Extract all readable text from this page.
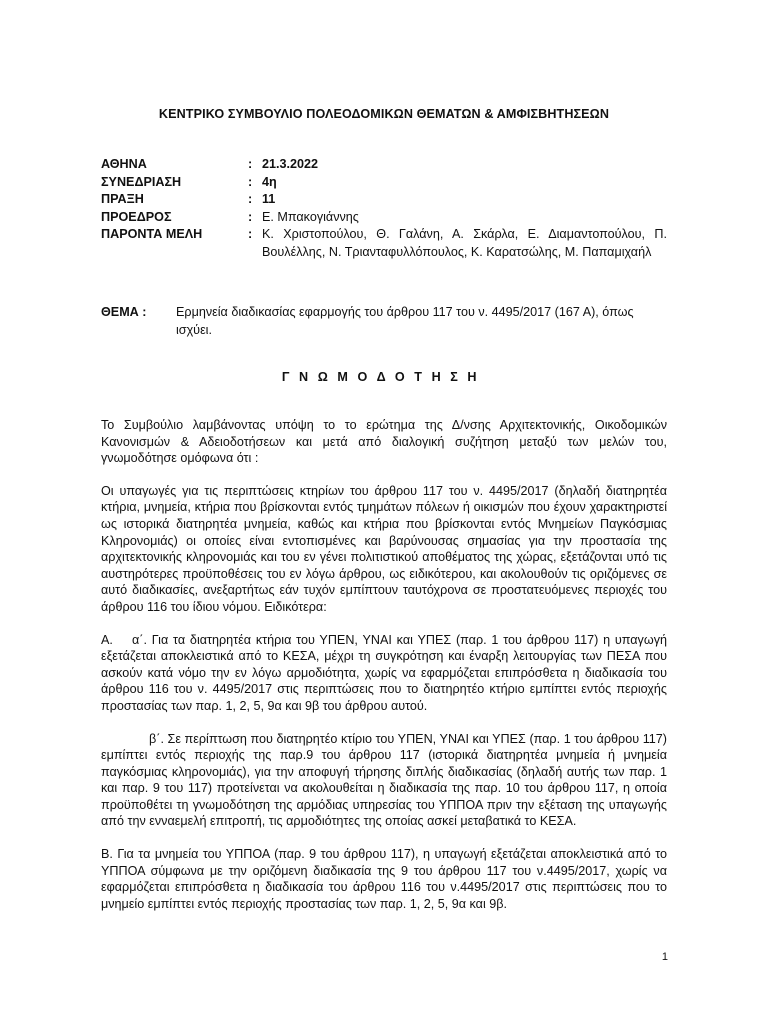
ΚΕΝΤΡΙΚΟ ΣΥΜΒΟΥΛΙΟ ΠΟΛΕΟΔΟΜΙΚΩΝ ΘΕΜΑΤΩΝ & ΑΜΦΙΣΒΗΤΗΣΕΩΝ
ΑΘΗΝΑ	: 21.3.2022
ΣΥΝΕΔΡΙΑΣΗ	: 4η
ΠΡΑΞΗ	: 11
ΠΡΟΕΔΡΟΣ	: Ε. Μπακογιάννης
ΠΑΡΟΝΤΑ ΜΕΛΗ	: Κ. Χριστοπούλου, Θ. Γαλάνη, Α. Σκάρλα, Ε. Διαμαντοπούλου, Π. Βουλέλλης, Ν. Τριανταφυλλόπουλος, Κ. Καρατσώλης, Μ. Παπαμιχαήλ
ΘΕΜΑ :	Ερμηνεία διαδικασίας εφαρμογής του άρθρου 117 του ν. 4495/2017 (167 Α), όπως ισχύει.
ΓΝΩΜΟΔΟΤΗΣΗ

Το Συμβούλιο λαμβάνοντας υπόψη το το ερώτημα της Δ/νσης Αρχιτεκτονικής, Οικοδομικών Κανονισμών & Αδειοδοτήσεων και μετά από διαλογική συζήτηση μεταξύ των μελών του, γνωμοδότησε ομόφωνα ότι :

Οι υπαγωγές για τις περιπτώσεις κτηρίων του άρθρου 117 του ν. 4495/2017 (δηλαδή διατηρητέα κτήρια, μνημεία, κτήρια που βρίσκονται εντός τμημάτων πόλεων ή οικισμών που έχουν χαρακτηριστεί ως ιστορικά διατηρητέα μνημεία, καθώς και κτήρια που βρίσκονται εντός Μνημείων Παγκόσμιας Κληρονομιάς) οι οποίες είναι εντοπισμένες και βαρύνουσας σημασίας για την προστασία της αρχιτεκτονικής κληρονομιάς και του εν γένει πολιτιστικού αποθέματος της χώρας, εξετάζονται υπό τις αυστηρότερες προϋποθέσεις του εν λόγω άρθρου, ως ειδικότερου, και ακολουθούν τις οριζόμενες σε αυτό διαδικασίες, ανεξαρτήτως εάν τυχόν εμπίπτουν ταυτόχρονα σε προστατευόμενες περιοχές του άρθρου 116 του ίδιου νόμου. Ειδικότερα:

Α. α΄. Για τα διατηρητέα κτήρια του ΥΠΕΝ, ΥΝΑΙ και ΥΠΕΣ (παρ. 1 του άρθρου 117) η υπαγωγή εξετάζεται αποκλειστικά από το ΚΕΣΑ, μέχρι τη συγκρότηση και έναρξη λειτουργίας των ΠΕΣΑ που ασκούν κατά νόμο την εν λόγω αρμοδιότητα, χωρίς να εφαρμόζεται επιπρόσθετα η διαδικασία του άρθρου 116 του ν. 4495/2017 στις περιπτώσεις που το διατηρητέο κτήριο εμπίπτει εντός περιοχής προστασίας των παρ. 1, 2, 5, 9α και 9β του άρθρου αυτού.

β΄. Σε περίπτωση που διατηρητέο κτίριο του ΥΠΕΝ, ΥΝΑΙ και ΥΠΕΣ (παρ. 1 του άρθρου 117) εμπίπτει εντός περιοχής της παρ.9 του άρθρου 117 (ιστορικά διατηρητέα μνημεία ή μνημεία παγκόσμιας κληρονομιάς), για την αποφυγή τήρησης διπλής διαδικασίας (δηλαδή αυτής των παρ. 1 και παρ. 9 του 117) προτείνεται να ακολουθείται η διαδικασία της παρ. 10 του άρθρου 117, η οποία προϋποθέτει τη γνωμοδότηση της αρμόδιας υπηρεσίας του ΥΠΠΟΑ πριν την εξέταση της υπαγωγής από την ενναεμελή επιτροπή, τις αρμοδιότητες της οποίας ασκεί μεταβατικά το ΚΕΣΑ.

Β. Για τα μνημεία του ΥΠΠΟΑ (παρ. 9 του άρθρου 117), η υπαγωγή εξετάζεται αποκλειστικά από το ΥΠΠΟΑ σύμφωνα με την οριζόμενη διαδικασία της 9 του άρθρου 117 του ν.4495/2017, χωρίς να εφαρμόζεται επιπρόσθετα η διαδικασία του άρθρου 116 του ν.4495/2017 στις περιπτώσεις που το μνημείο εμπίπτει εντός περιοχής προστασίας των παρ. 1, 2, 5, 9α και 9β.

1
